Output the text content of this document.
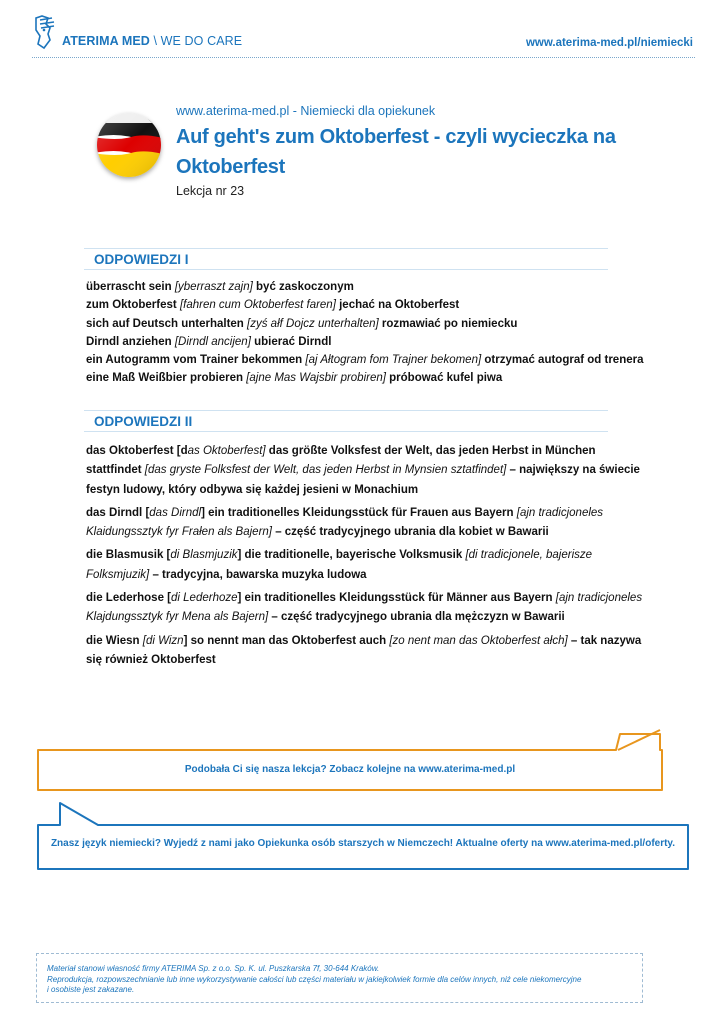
ATERIMA MED \ WE DO CARE	www.aterima-med.pl/niemiecki
www.aterima-med.pl - Niemiecki dla opiekunek
Auf geht's zum Oktoberfest - czyli wycieczka na Oktoberfest
Lekcja nr 23
ODPOWIEDZI I
überrascht sein [yberraszt zajn] być zaskoczonym
zum Oktoberfest [fahren cum Oktoberfest faren] jechać na Oktoberfest
sich auf Deutsch unterhalten [zyś ałf Dojcz unterhalten] rozmawiać po niemiecku
Dirndl anziehen [Dirndl ancijen] ubierać Dirndl
ein Autogramm vom Trainer bekommen [aj Ałtogram fom Trajner bekomen] otrzymać autograf od trenera
eine Maß Weißbier probieren [ajne Mas Wajsbir probiren] próbować kufel piwa
ODPOWIEDZI II
das Oktoberfest [das Oktoberfest] das größte Volksfest der Welt, das jeden Herbst in München stattfindet [das gryste Folksfest der Welt, das jeden Herbst in Mynsien sztatfindet] – największy na świecie festyn ludowy, który odbywa się każdej jesieni w Monachium
das Dirndl [das Dirndl] ein traditionelles Kleidungsstück für Frauen aus Bayern [ajn tradicjoneles Klaidungssztyk fyr Frałen als Bajern] – część tradycyjnego ubrania dla kobiet w Bawarii
die Blasmusik [di Blasmjuzik] die traditionelle, bayerische Volksmusik [di tradicjonele, bajerisze Folksmjuzik] – tradycyjna, bawarska muzyka ludowa
die Lederhose [di Lederhoze] ein traditionelles Kleidungsstück für Männer aus Bayern [ajn tradicjoneles Klajdungssztyk fyr Mena als Bajern] – część tradycyjnego ubrania dla mężczyzn w Bawarii
die Wiesn [di Wizn] so nennt man das Oktoberfest auch [zo nent man das Oktoberfest ałch] – tak nazywa się również Oktoberfest
Podobała Ci się nasza lekcja? Zobacz kolejne na www.aterima-med.pl
Znasz język niemiecki? Wyjedź z nami jako Opiekunka osób starszych w Niemczech! Aktualne oferty na www.aterima-med.pl/oferty.
Materiał stanowi własność firmy ATERIMA Sp. z o.o. Sp. K. ul. Puszkarska 7f, 30-644 Kraków.
Reprodukcja, rozpowszechnianie lub inne wykorzystywanie całości lub części materiału w jakiejkolwiek formie dla celów innych, niż cele niekomercyjne
i osobiste jest zakazane.
